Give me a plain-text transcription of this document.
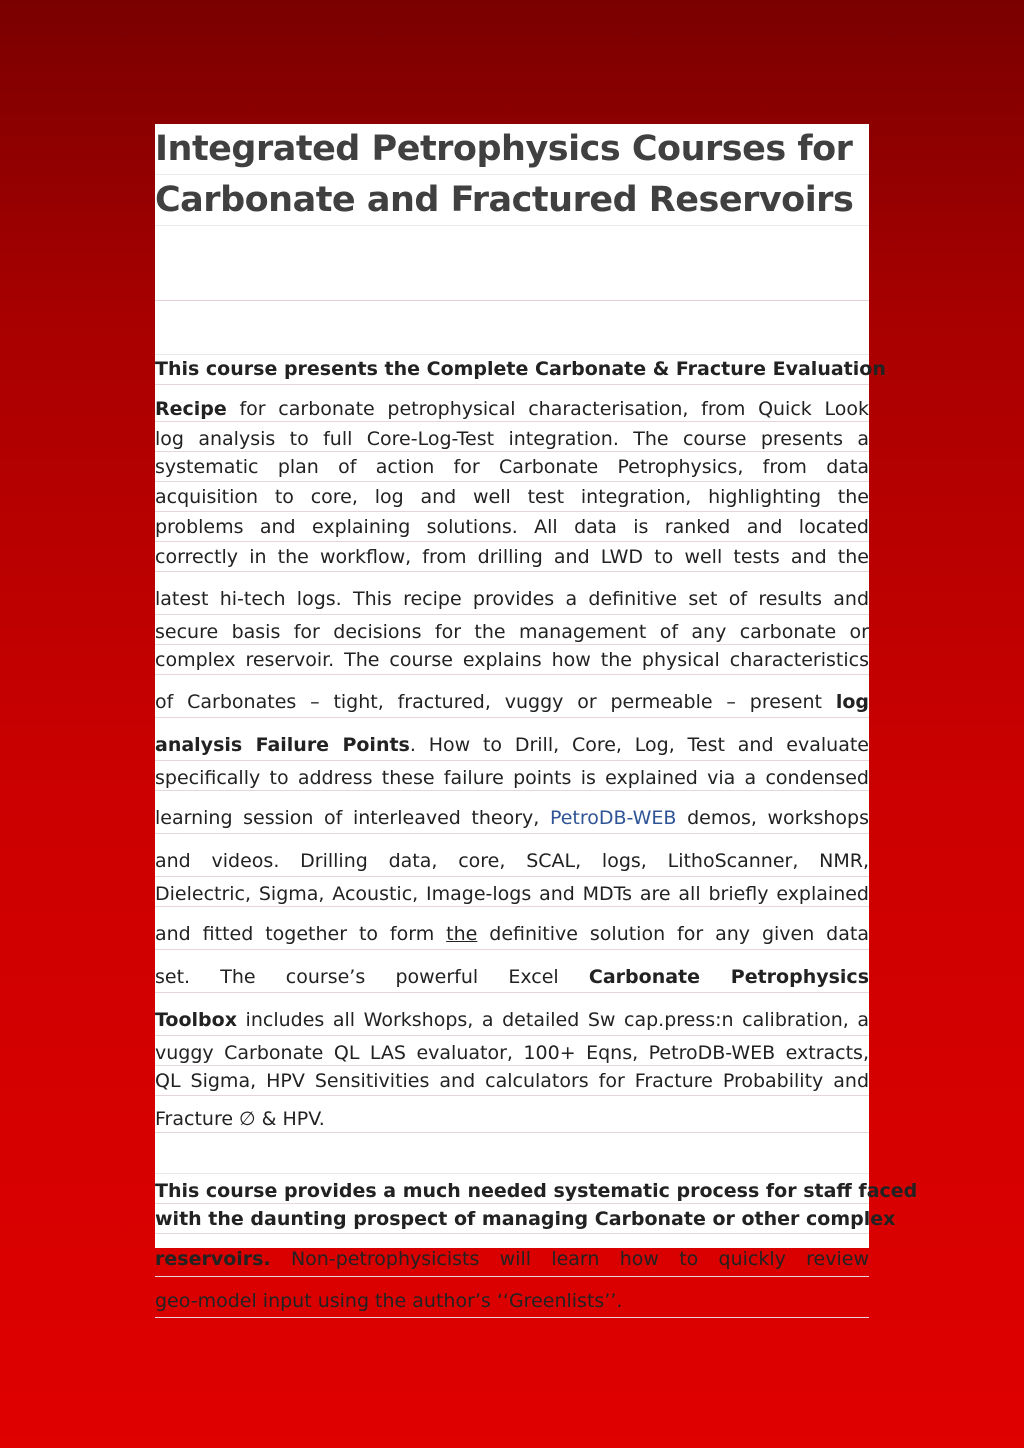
Integrated Petrophysics Courses for
Carbonate and Fractured Reservoirs
This course presents the Complete Carbonate & Fracture Evaluation
Recipe for carbonate petrophysical characterisation, from Quick Look
log analysis to full Core-Log-Test integration. The course presents a
systematic plan of action for Carbonate Petrophysics, from data
acquisition to core, log and well test integration, highlighting the
problems and explaining solutions. All data is ranked and located
correctly in the workflow, from drilling and LWD to well tests and the
latest hi-tech logs. This recipe provides a definitive set of results and
secure basis for decisions for the management of any carbonate or
complex reservoir. The course explains how the physical characteristics
of Carbonates – tight, fractured, vuggy or permeable – present log
analysis Failure Points. How to Drill, Core, Log, Test and evaluate
specifically to address these failure points is explained via a condensed
learning session of interleaved theory, PetroDB-WEB demos, workshops
and videos. Drilling data, core, SCAL, logs, LithoScanner, NMR,
Dielectric, Sigma, Acoustic, Image-logs and MDTs are all briefly explained
and fitted together to form the definitive solution for any given data
set. The course’s powerful Excel Carbonate Petrophysics
Toolbox includes all Workshops, a detailed Sw cap.press:n calibration, a
vuggy Carbonate QL LAS evaluator, 100+ Eqns, PetroDB-WEB extracts,
QL Sigma, HPV Sensitivities and calculators for Fracture Probability and
Fracture ∅ & HPV.
This course provides a much needed systematic process for staff faced
with the daunting prospect of managing Carbonate or other complex
reservoirs. Non-petrophysicists will learn how to quickly review
geo-model input using the author’s ‘‘Greenlists’’.
